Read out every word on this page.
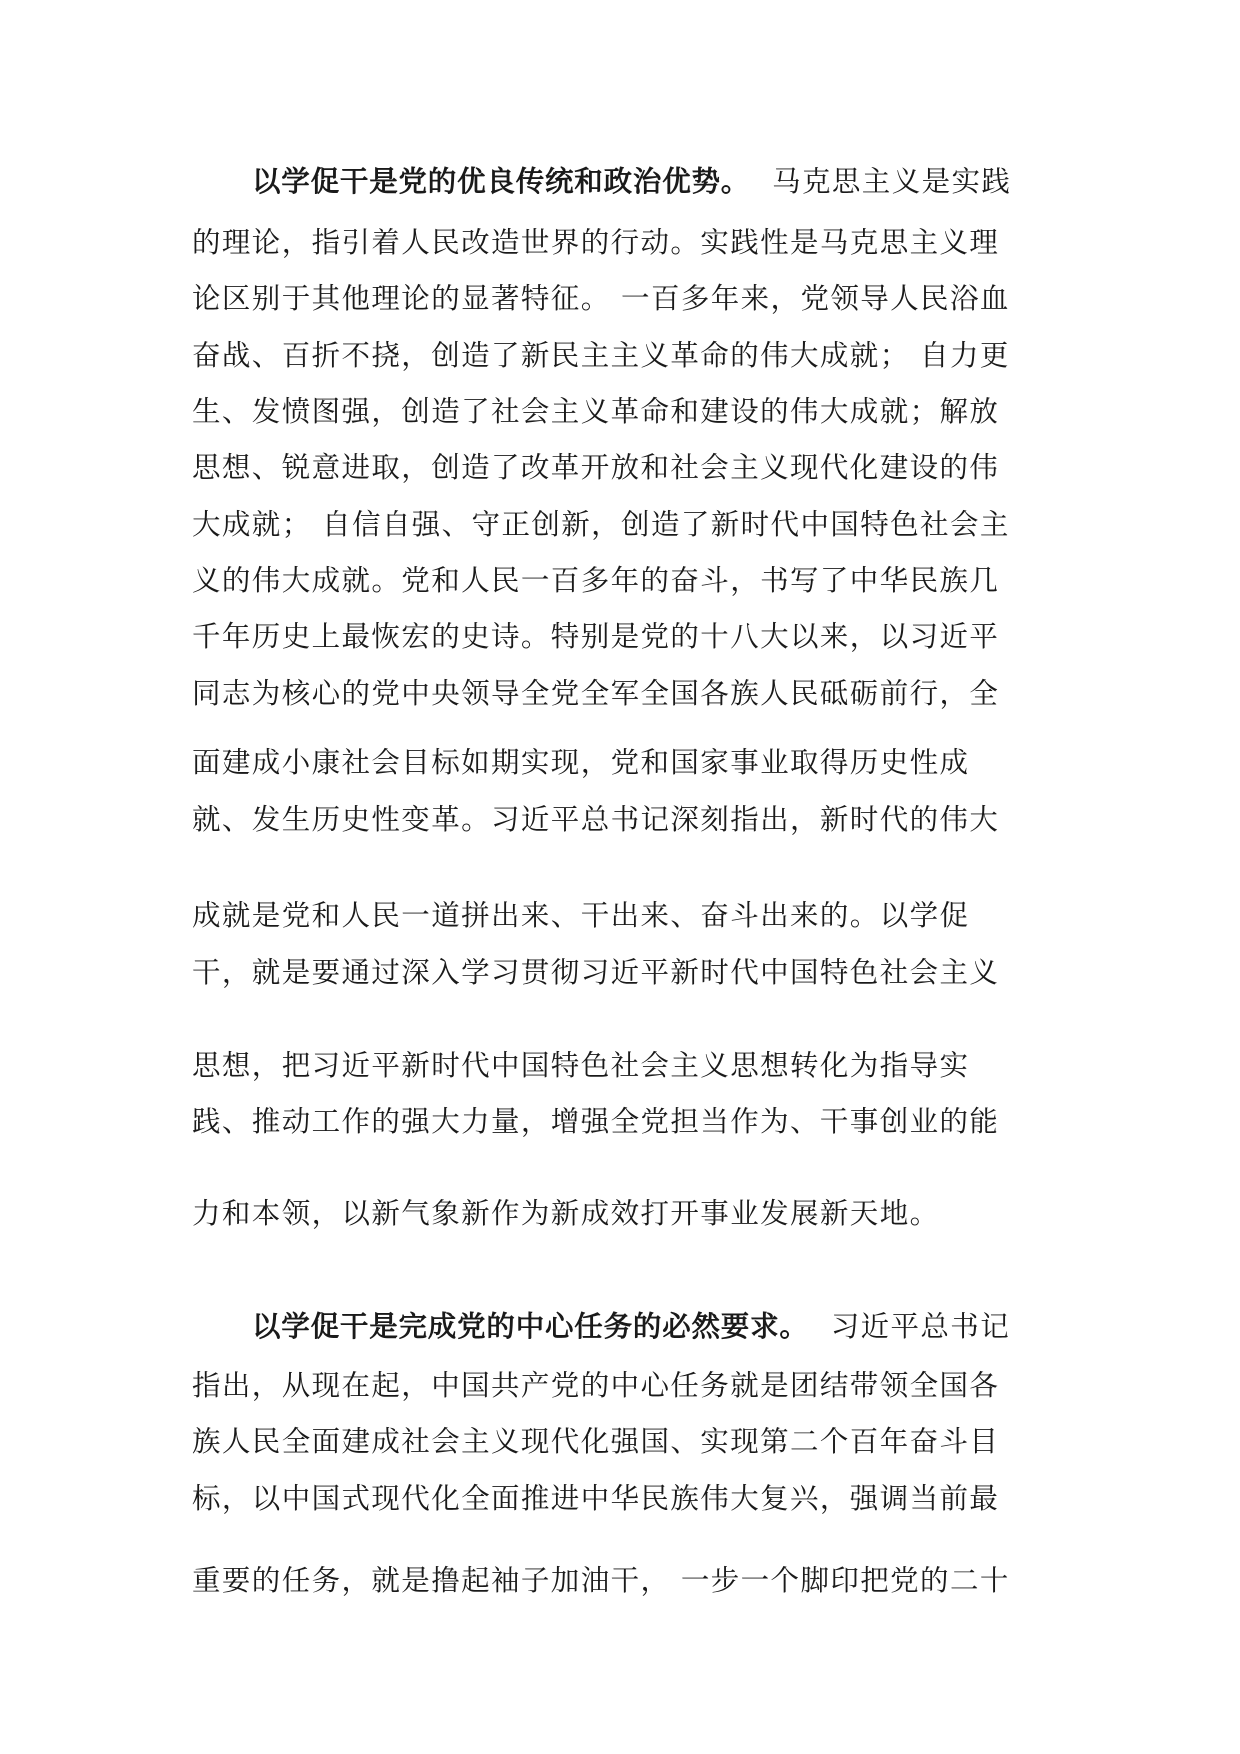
以学促干是党的优良传统和政治优势。 马克思主义是实践
的理论，指引着人民改造世界的行动。实践性是马克思主义理
论区别于其他理论的显著特征。 一百多年来，党领导人民浴血
奋战、百折不挠，创造了新民主主义革命的伟大成就； 自力更
生、发愤图强，创造了社会主义革命和建设的伟大成就；解放
思想、锐意进取，创造了改革开放和社会主义现代化建设的伟
大成就； 自信自强、守正创新，创造了新时代中国特色社会主
义的伟大成就。党和人民一百多年的奋斗，书写了中华民族几
千年历史上最恢宏的史诗。特别是党的十八大以来，以习近平
同志为核心的党中央领导全党全军全国各族人民砥砺前行，全
面建成小康社会目标如期实现，党和国家事业取得历史性成
就、发生历史性变革。习近平总书记深刻指出，新时代的伟大
成就是党和人民一道拼出来、干出来、奋斗出来的。以学促
干，就是要通过深入学习贯彻习近平新时代中国特色社会主义
思想，把习近平新时代中国特色社会主义思想转化为指导实
践、推动工作的强大力量，增强全党担当作为、干事创业的能
力和本领，以新气象新作为新成效打开事业发展新天地。
以学促干是完成党的中心任务的必然要求。 习近平总书记
指出，从现在起，中国共产党的中心任务就是团结带领全国各
族人民全面建成社会主义现代化强国、实现第二个百年奋斗目
标，以中国式现代化全面推进中华民族伟大复兴，强调当前最
重要的任务，就是撸起袖子加油干， 一步一个脚印把党的二十
